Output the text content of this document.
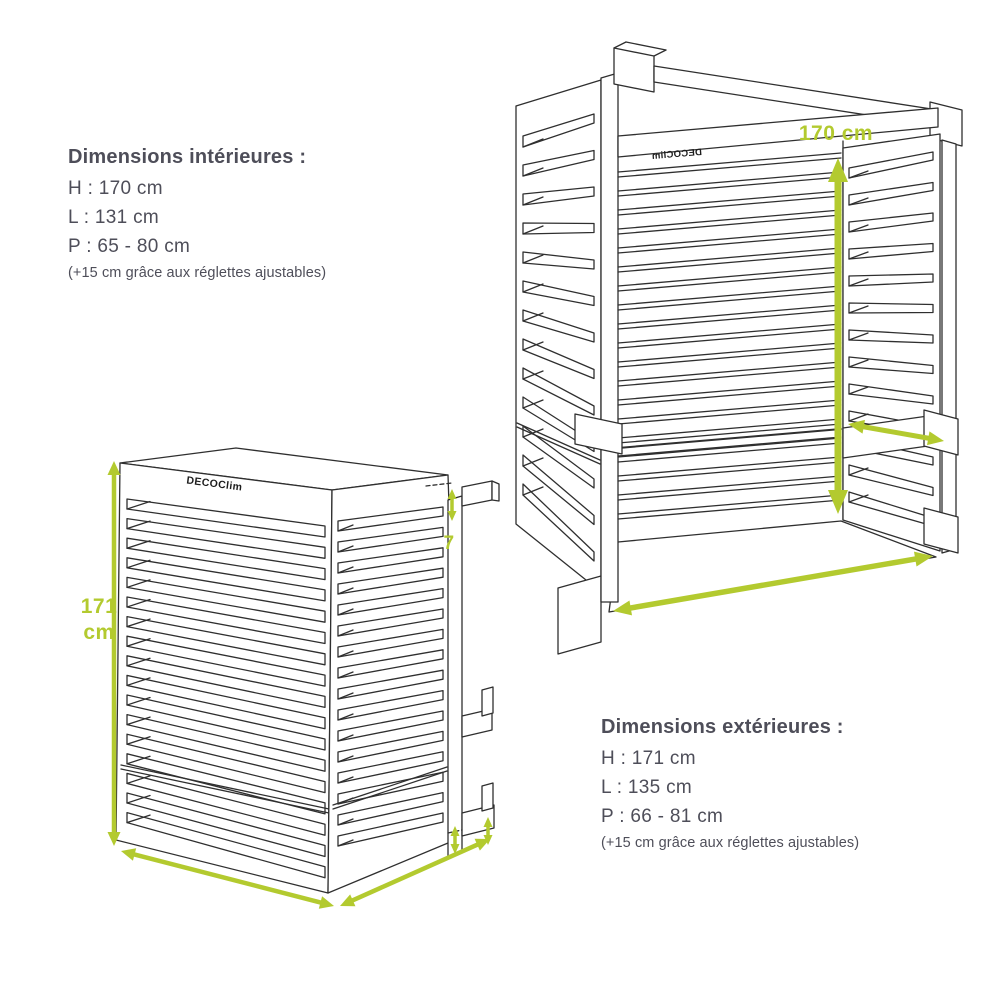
170 cm
171
cm
7
DECOClim
DECOClim
Dimensions intérieures :

H : 170 cm

L : 131 cm

P : 65 - 80 cm

(+15 cm grâce aux réglettes ajustables)

Dimensions extérieures :

H : 171 cm

L : 135 cm

P : 66 - 81 cm

(+15 cm grâce aux réglettes ajustables)
